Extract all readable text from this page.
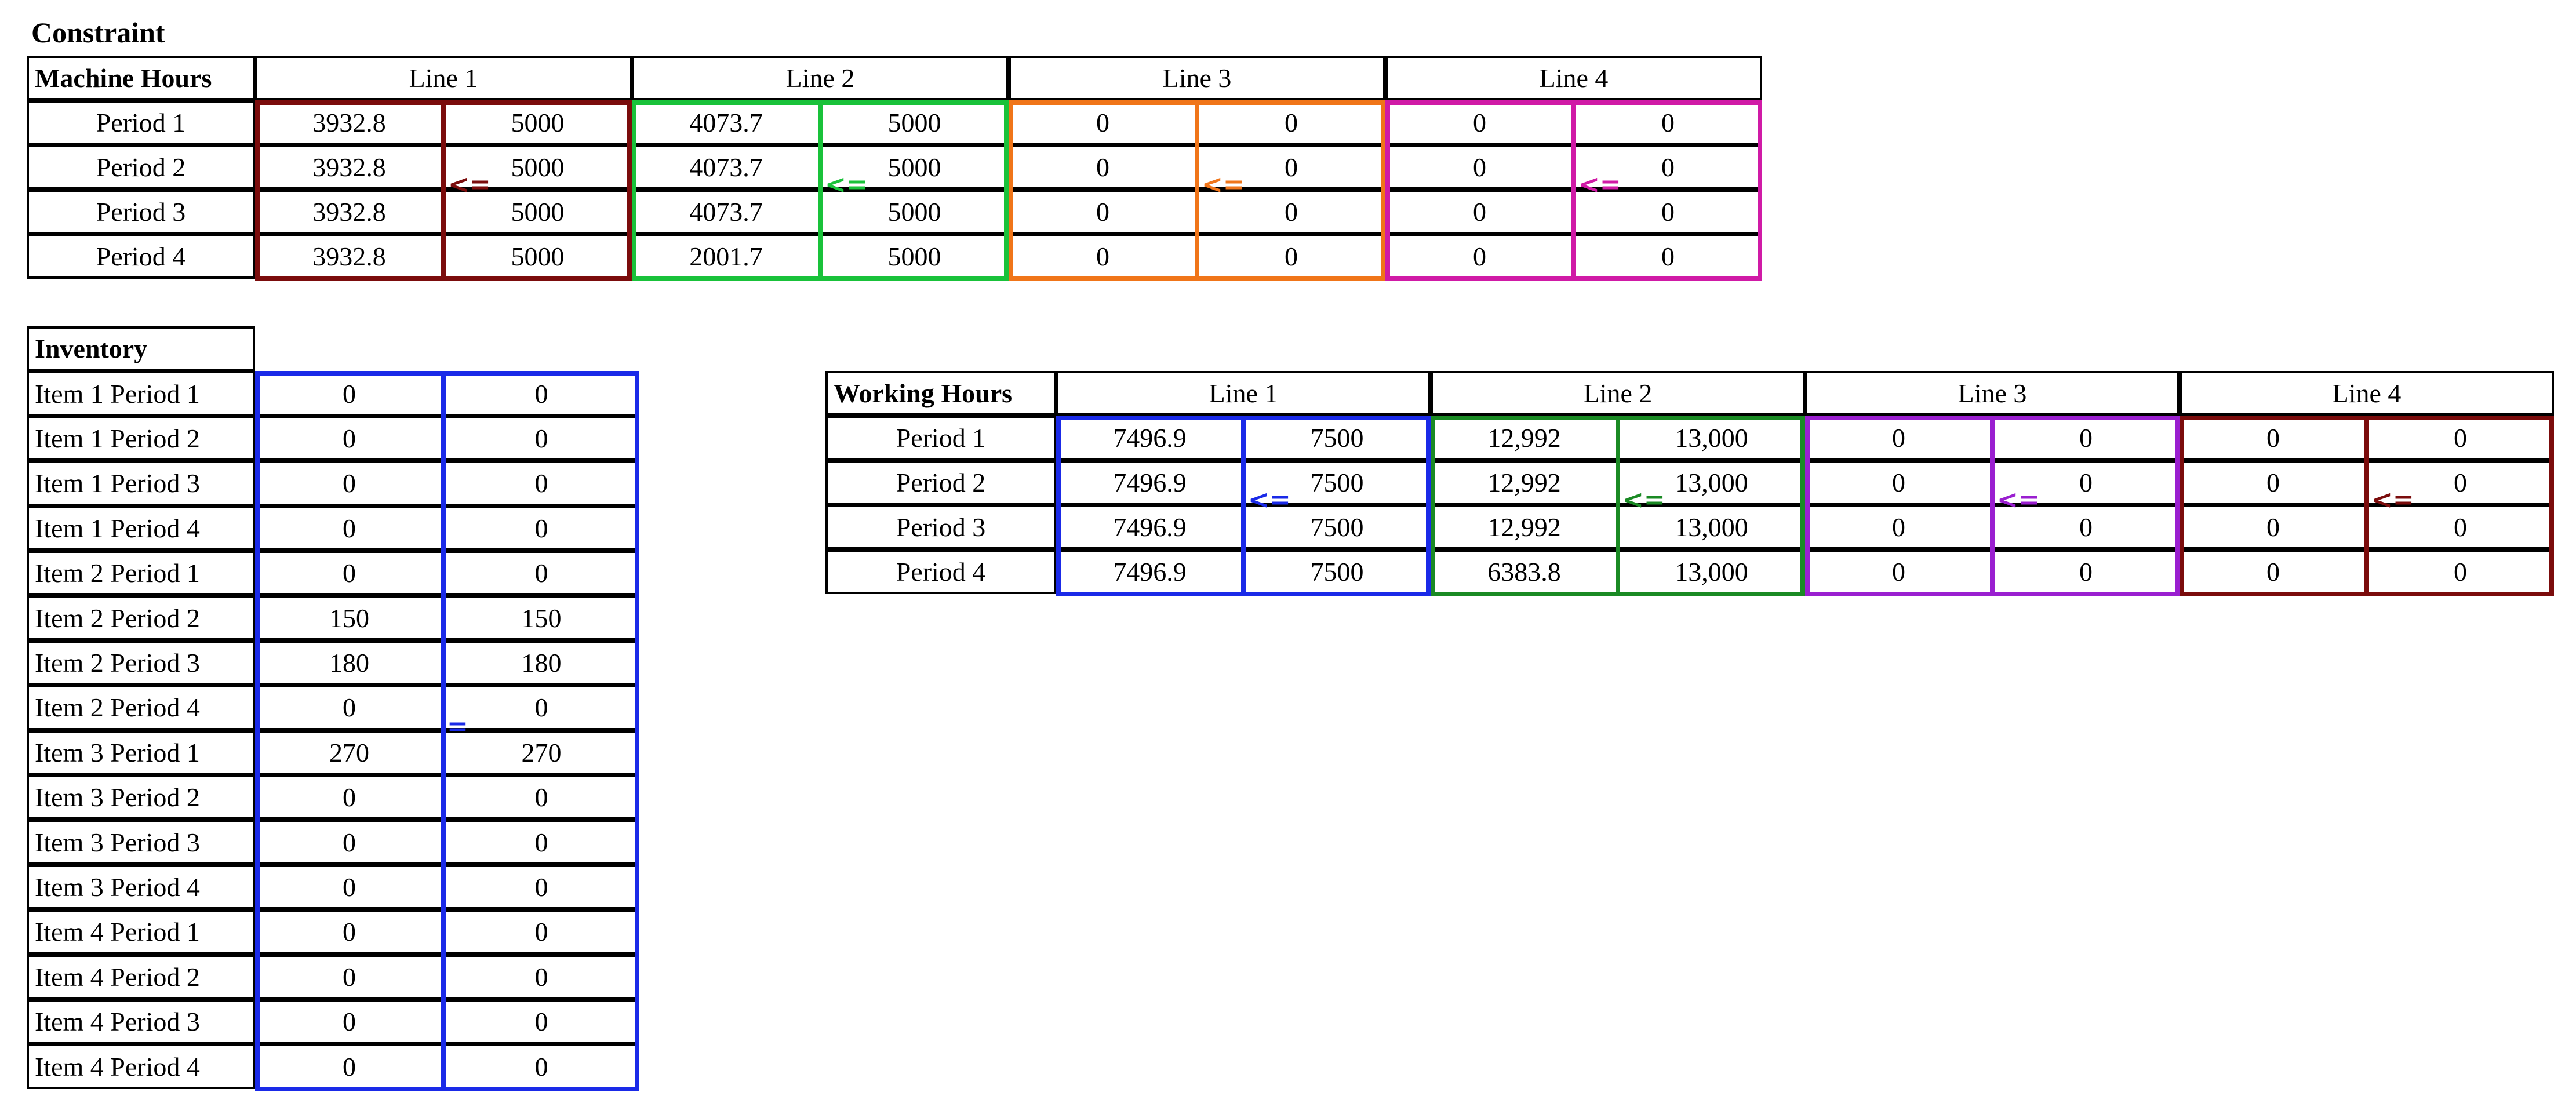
Constraint
Machine Hours	Line 1	Line 2	Line 3	Line 4
Period 1	3932.8	5000	4073.7	5000	0	0	0	0
Period 2	3932.8	5000	4073.7	5000	0	0	0	0
Period 3	3932.8	5000	4073.7	5000	0	0	0	0
Period 4	3932.8	5000	2001.7	5000	0	0	0	0
<=	<=	<=	<=
Inventory
Item 1 Period 1	0	0
Item 1 Period 2	0	0
Item 1 Period 3	0	0
Item 1 Period 4	0	0
Item 2 Period 1	0	0
Item 2 Period 2	150	150
Item 2 Period 3	180	180
Item 2 Period 4	0	0
Item 3 Period 1	270	270
Item 3 Period 2	0	0
Item 3 Period 3	0	0
Item 3 Period 4	0	0
Item 4 Period 1	0	0
Item 4 Period 2	0	0
Item 4 Period 3	0	0
Item 4 Period 4	0	0
=
Working Hours	Line 1	Line 2	Line 3	Line 4
Period 1	7496.9	7500	12,992	13,000	0	0	0	0
Period 2	7496.9	7500	12,992	13,000	0	0	0	0
Period 3	7496.9	7500	12,992	13,000	0	0	0	0
Period 4	7496.9	7500	6383.8	13,000	0	0	0	0
<=	<=	<=	<=
